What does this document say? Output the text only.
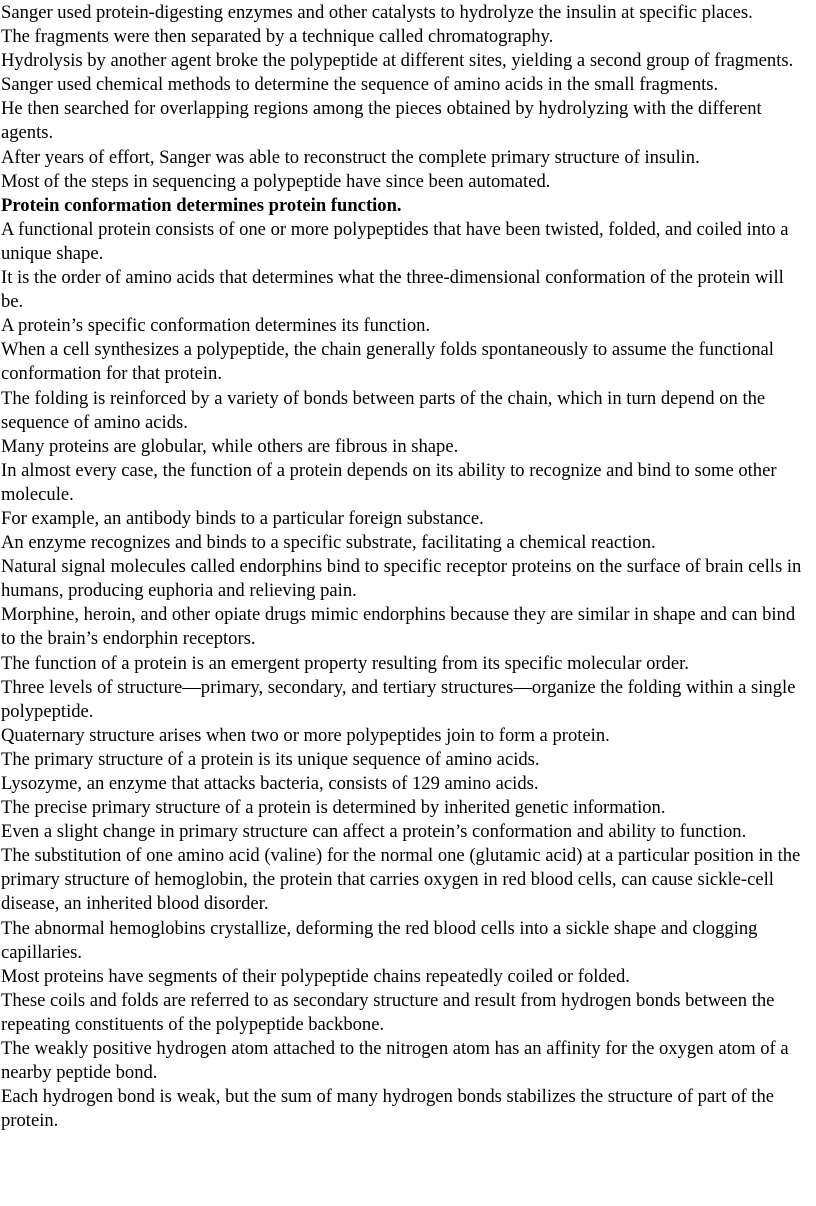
Sanger used protein-digesting enzymes and other catalysts to hydrolyze the insulin at specific places.

The fragments were then separated by a technique called chromatography.

Hydrolysis by another agent broke the polypeptide at different sites, yielding a second group of fragments.

Sanger used chemical methods to determine the sequence of amino acids in the small fragments.

He then searched for overlapping regions among the pieces obtained by hydrolyzing with the different agents.

After years of effort, Sanger was able to reconstruct the complete primary structure of insulin.

Most of the steps in sequencing a polypeptide have since been automated.

Protein conformation determines protein function.

A functional protein consists of one or more polypeptides that have been twisted, folded, and coiled into a unique shape.

It is the order of amino acids that determines what the three-dimensional conformation of the protein will be.

A protein’s specific conformation determines its function.

When a cell synthesizes a polypeptide, the chain generally folds spontaneously to assume the functional conformation for that protein.

The folding is reinforced by a variety of bonds between parts of the chain, which in turn depend on the sequence of amino acids.

Many proteins are globular, while others are fibrous in shape.

In almost every case, the function of a protein depends on its ability to recognize and bind to some other molecule.

For example, an antibody binds to a particular foreign substance.

An enzyme recognizes and binds to a specific substrate, facilitating a chemical reaction.

Natural signal molecules called endorphins bind to specific receptor proteins on the surface of brain cells in humans, producing euphoria and relieving pain.

Morphine, heroin, and other opiate drugs mimic endorphins because they are similar in shape and can bind to the brain’s endorphin receptors.

The function of a protein is an emergent property resulting from its specific molecular order.

Three levels of structure—primary, secondary, and tertiary structures—organize the folding within a single polypeptide.

Quaternary structure arises when two or more polypeptides join to form a protein.

The primary structure of a protein is its unique sequence of amino acids.

Lysozyme, an enzyme that attacks bacteria, consists of 129 amino acids.

The precise primary structure of a protein is determined by inherited genetic information.

Even a slight change in primary structure can affect a protein’s conformation and ability to function.

The substitution of one amino acid (valine) for the normal one (glutamic acid) at a particular position in the primary structure of hemoglobin, the protein that carries oxygen in red blood cells, can cause sickle-cell disease, an inherited blood disorder.

The abnormal hemoglobins crystallize, deforming the red blood cells into a sickle shape and clogging capillaries.

Most proteins have segments of their polypeptide chains repeatedly coiled or folded.

These coils and folds are referred to as secondary structure and result from hydrogen bonds between the repeating constituents of the polypeptide backbone.

The weakly positive hydrogen atom attached to the nitrogen atom has an affinity for the oxygen atom of a nearby peptide bond.

Each hydrogen bond is weak, but the sum of many hydrogen bonds stabilizes the structure of part of the protein.
